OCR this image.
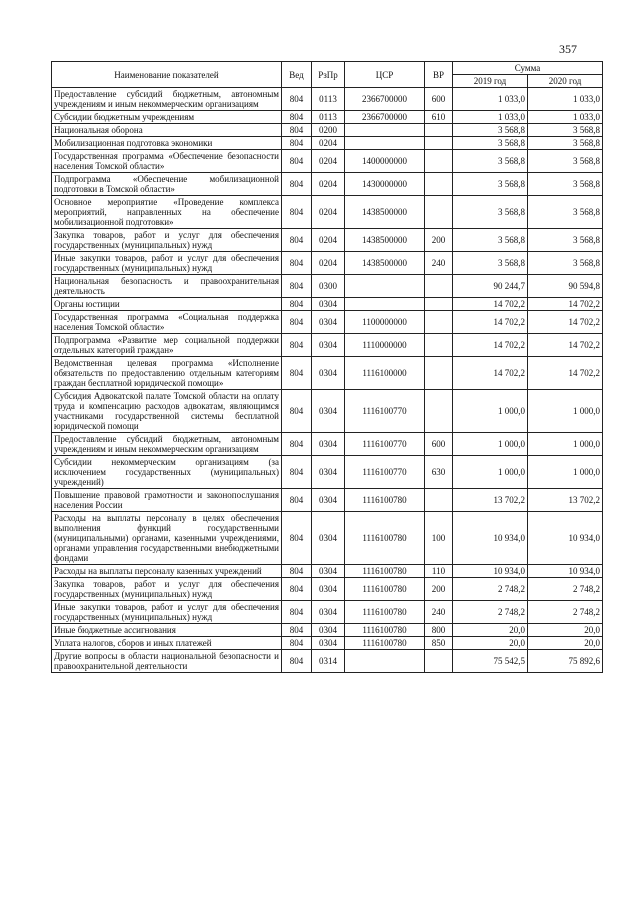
357
Наименование показателей	Вед	РзПр	ЦСР	ВР	Сумма	
					2019 год	2020 год
Предоставление субсидий бюджетным, автономным учреждениям и иным некоммерческим организациям	804	0113	2366700000	600	1 033,0	1 033,0
Субсидии бюджетным учреждениям	804	0113	2366700000	610	1 033,0	1 033,0
Национальная оборона	804	0200			3 568,8	3 568,8
Мобилизационная подготовка экономики	804	0204			3 568,8	3 568,8
Государственная программа «Обеспечение безопасности населения Томской области»	804	0204	1400000000		3 568,8	3 568,8
Подпрограмма «Обеспечение мобилизационной подготовки в Томской области»	804	0204	1430000000		3 568,8	3 568,8
Основное мероприятие «Проведение комплекса мероприятий, направленных на обеспечение мобилизационной подготовки»	804	0204	1438500000		3 568,8	3 568,8
Закупка товаров, работ и услуг для обеспечения государственных (муниципальных) нужд	804	0204	1438500000	200	3 568,8	3 568,8
Иные закупки товаров, работ и услуг для обеспечения государственных (муниципальных) нужд	804	0204	1438500000	240	3 568,8	3 568,8
Национальная безопасность и правоохранительная деятельность	804	0300			90 244,7	90 594,8
Органы юстиции	804	0304			14 702,2	14 702,2
Государственная программа «Социальная поддержка населения Томской области»	804	0304	1100000000		14 702,2	14 702,2
Подпрограмма «Развитие мер социальной поддержки отдельных категорий граждан»	804	0304	1110000000		14 702,2	14 702,2
Ведомственная целевая программа «Исполнение обязательств по предоставлению отдельным категориям граждан бесплатной юридической помощи»	804	0304	1116100000		14 702,2	14 702,2
Субсидия Адвокатской палате Томской области на оплату труда и компенсацию расходов адвокатам, являющимся участниками государственной системы бесплатной юридической помощи	804	0304	1116100770		1 000,0	1 000,0
Предоставление субсидий бюджетным, автономным учреждениям и иным некоммерческим организациям	804	0304	1116100770	600	1 000,0	1 000,0
Субсидии некоммерческим организациям (за исключением государственных (муниципальных) учреждений)	804	0304	1116100770	630	1 000,0	1 000,0
Повышение правовой грамотности и законопослушания населения России	804	0304	1116100780		13 702,2	13 702,2
Расходы на выплаты персоналу в целях обеспечения выполнения функций государственными (муниципальными) органами, казенными учреждениями, органами управления государственными внебюджетными фондами	804	0304	1116100780	100	10 934,0	10 934,0
Расходы на выплаты персоналу казенных учреждений	804	0304	1116100780	110	10 934,0	10 934,0
Закупка товаров, работ и услуг для обеспечения государственных (муниципальных) нужд	804	0304	1116100780	200	2 748,2	2 748,2
Иные закупки товаров, работ и услуг для обеспечения государственных (муниципальных) нужд	804	0304	1116100780	240	2 748,2	2 748,2
Иные бюджетные ассигнования	804	0304	1116100780	800	20,0	20,0
Уплата налогов, сборов и иных платежей	804	0304	1116100780	850	20,0	20,0
Другие вопросы в области национальной безопасности и правоохранительной деятельности	804	0314			75 542,5	75 892,6
